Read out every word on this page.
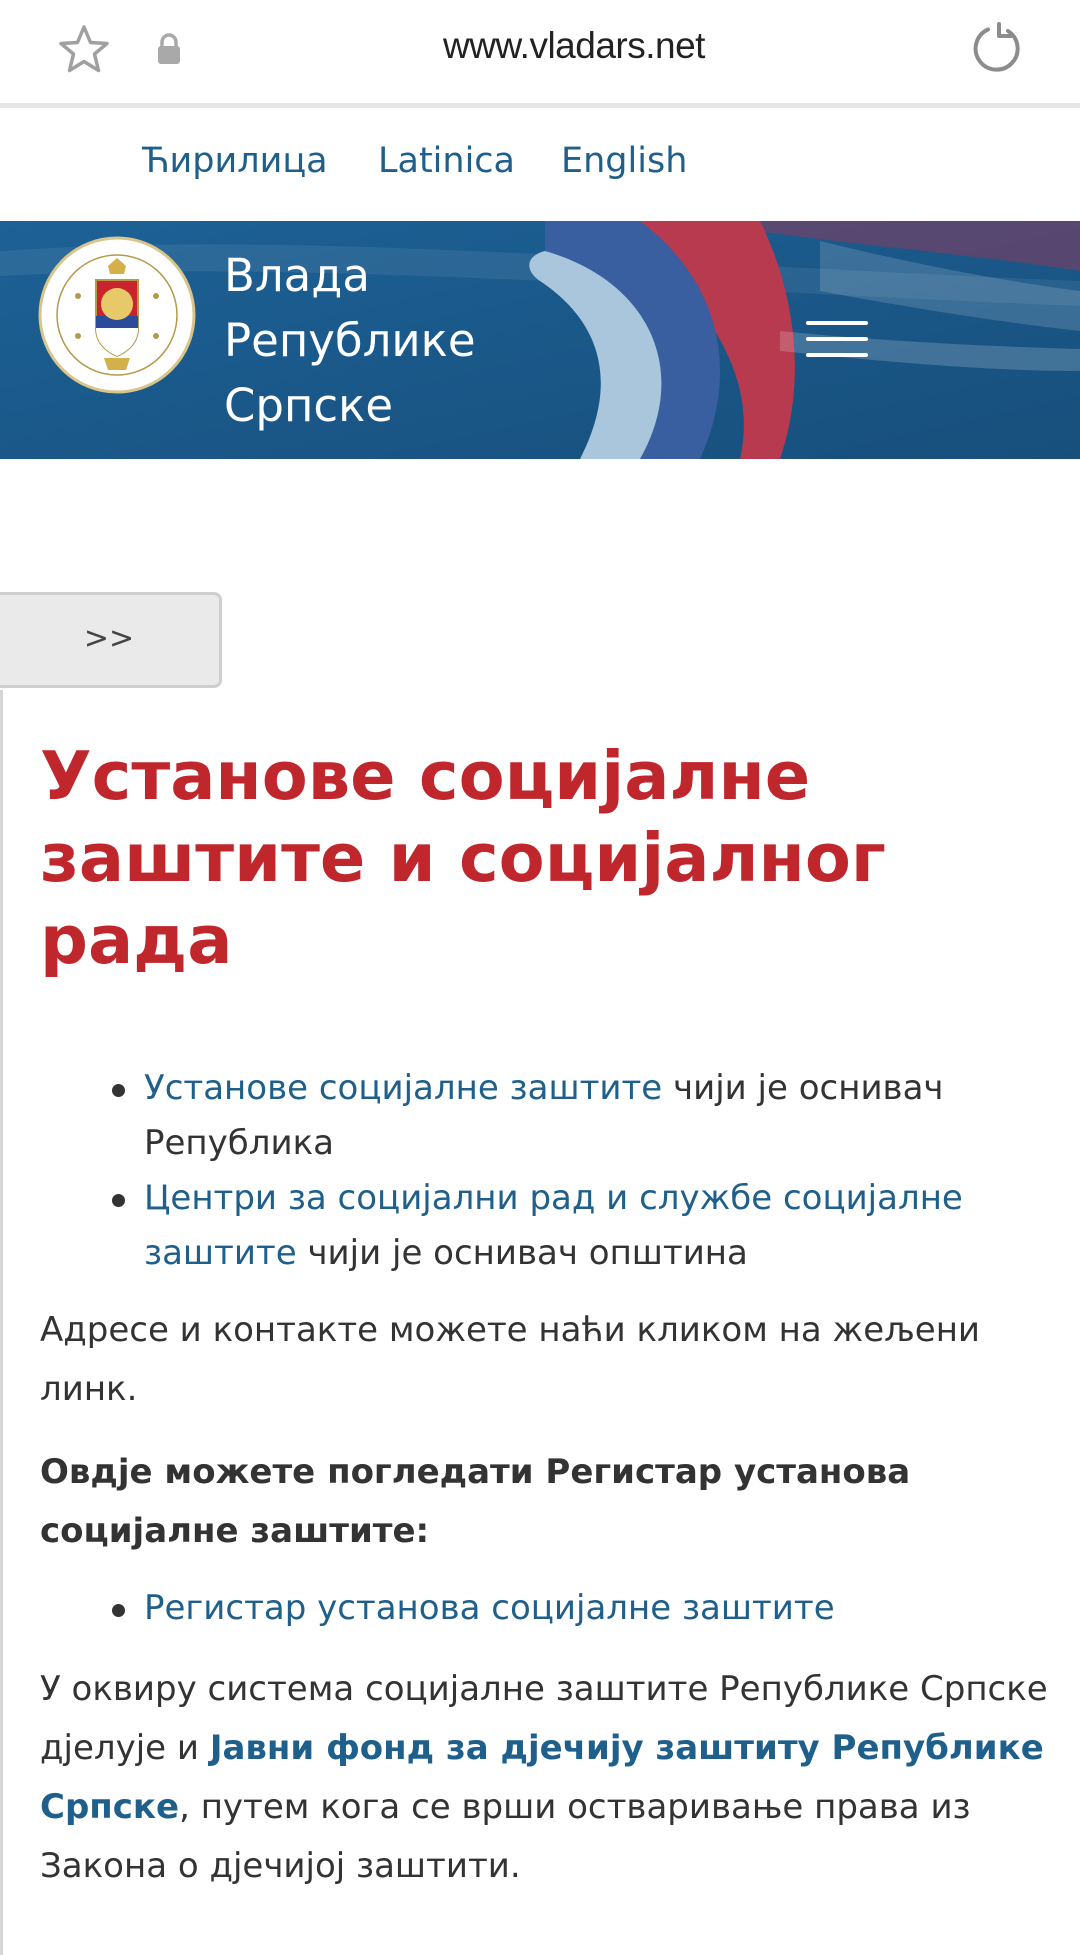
www.vladars.net
Ћирилица Latinica English
Влада
Републике
Српске
>>
Установе социјалне заштите и социјалног рада
Установе социјалне заштите чији је оснивач Република
Центри за социјални рад и службе социјалне заштите чији је оснивач општина

Адресе и контакте можете наћи кликом на жељени линк.

Овдје можете погледати Регистар установа социјалне заштите:

Регистар установа социјалне заштите

У оквиру система социјалне заштите Републике Српске дјелује и Јавни фонд за дјечију заштиту Републике Српске, путем кога се врши остваривање права из Закона о дјечијој заштити.
